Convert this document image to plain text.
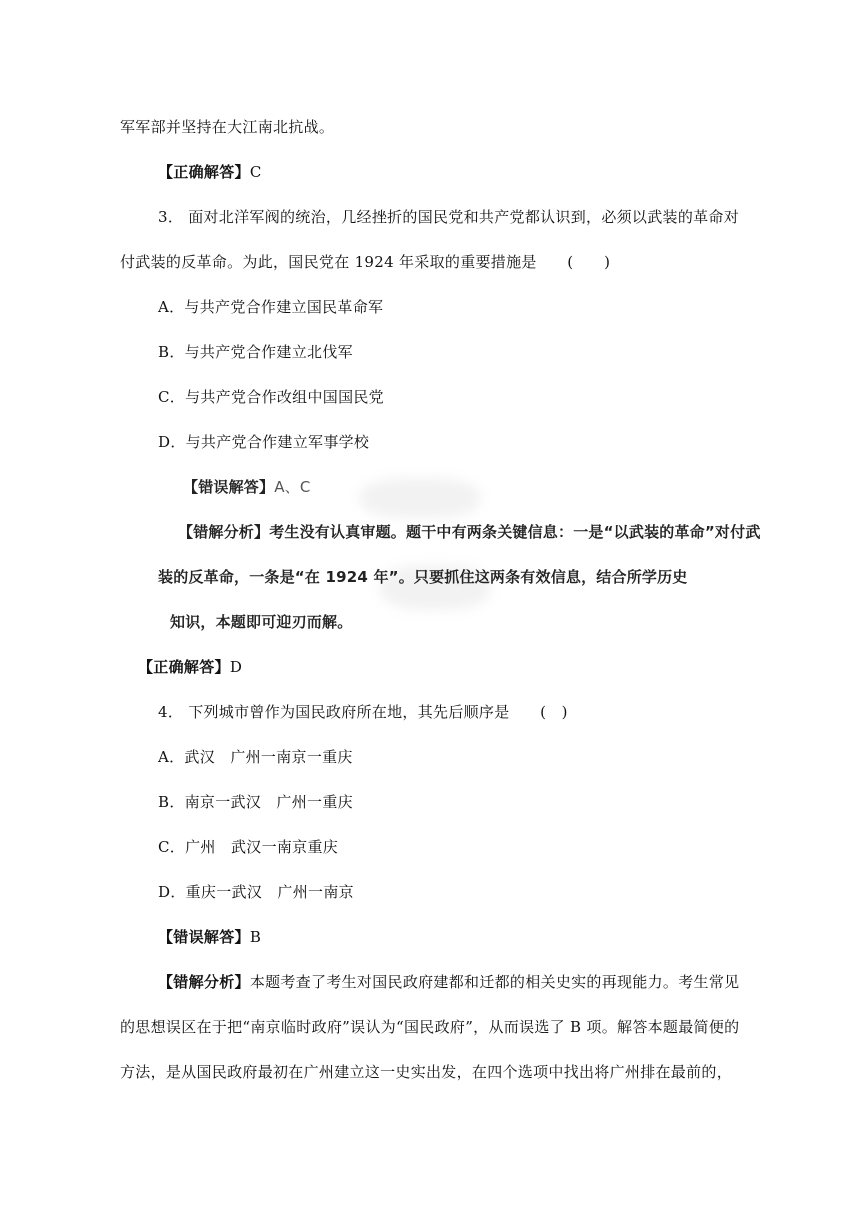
军军部并坚持在大江南北抗战。
【正确解答】C
3． 面对北洋军阀的统治，几经挫折的国民党和共产党都认识到，必须以武装的革命对
付武装的反革命。为此，国民党在 1924 年采取的重要措施是　　(　　)
A．与共产党合作建立国民革命军
B．与共产党合作建立北伐军
C．与共产党合作改组中国国民党
D．与共产党合作建立军事学校
【错误解答】A、C
【错解分析】考生没有认真审题。题干中有两条关键信息：一是“以武装的革命”对付武
装的反革命，一条是“在 1924 年”。只要抓住这两条有效信息，结合所学历史
知识，本题即可迎刃而解。
【正确解答】D
4． 下列城市曾作为国民政府所在地，其先后顺序是　　(　)
A．武汉　广州一南京一重庆
B．南京一武汉　广州一重庆
C．广州　武汉一南京重庆
D．重庆一武汉　广州一南京
【错误解答】B
【错解分析】本题考查了考生对国民政府建都和迁都的相关史实的再现能力。考生常见
的思想误区在于把“南京临时政府”误认为“国民政府”，从而误选了 B 项。解答本题最简便的
方法，是从国民政府最初在广州建立这一史实出发，在四个选项中找出将广州排在最前的，
